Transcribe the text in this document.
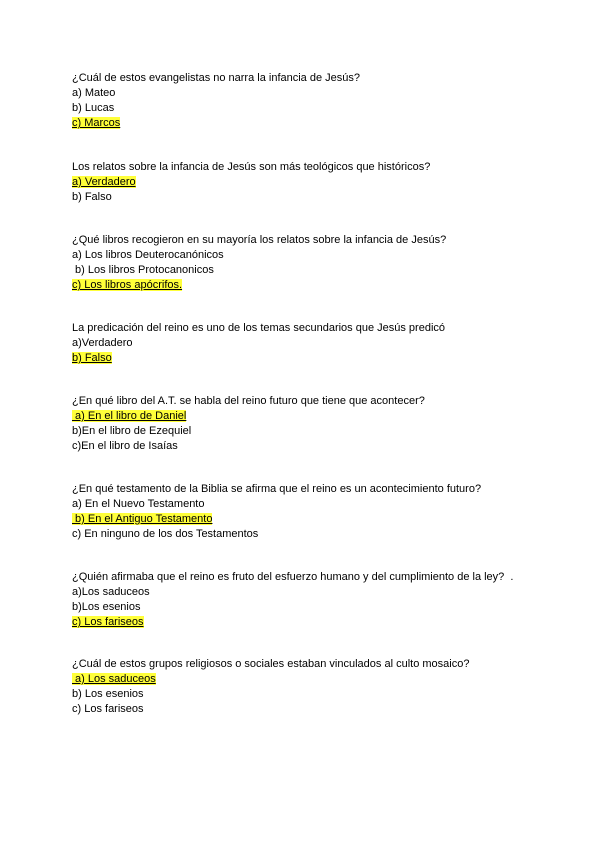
¿Cuál de estos evangelistas no narra la infancia de Jesús?
a) Mateo
b) Lucas
c) Marcos
Los relatos sobre la infancia de Jesús son más teológicos que históricos?
a) Verdadero
b) Falso
¿Qué libros recogieron en su mayoría los relatos sobre la infancia de Jesús?
a) Los libros Deuterocanónicos
b) Los libros Protocanonicos
c) Los libros apócrifos.
La predicación del reino es uno de los temas secundarios que Jesús predicó
a)Verdadero
b) Falso
¿En qué libro del A.T. se habla del reino futuro que tiene que acontecer?
a) En el libro de Daniel
b)En el libro de Ezequiel
c)En el libro de Isaías
¿En qué testamento de la Biblia se afirma que el reino es un acontecimiento futuro?
a) En el Nuevo Testamento
b) En el Antiguo Testamento
c) En ninguno de los dos Testamentos
¿Quién afirmaba que el reino es fruto del esfuerzo humano y del cumplimiento de la ley?  .
a)Los saduceos
b)Los esenios
c) Los fariseos
¿Cuál de estos grupos religiosos o sociales estaban vinculados al culto mosaico?
a) Los saduceos
b) Los esenios
c) Los fariseos
